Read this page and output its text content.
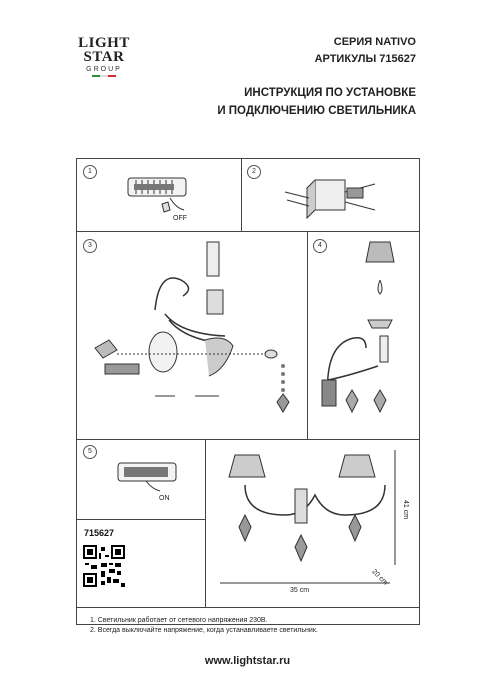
LIGHT
STAR
GROUP
СЕРИЯ NATIVO
АРТИКУЛЫ 715627
ИНСТРУКЦИЯ ПО УСТАНОВКЕ
И ПОДКЛЮЧЕНИЮ СВЕТИЛЬНИКА
1	2
3	4
5
OFF
ON
35 cm
41 cm
20 cm
715627
1. Светильник работает от сетевого напряжения 230В.
2. Всегда выключайте напряжение, когда устанавливаете светильник.
www.lightstar.ru
